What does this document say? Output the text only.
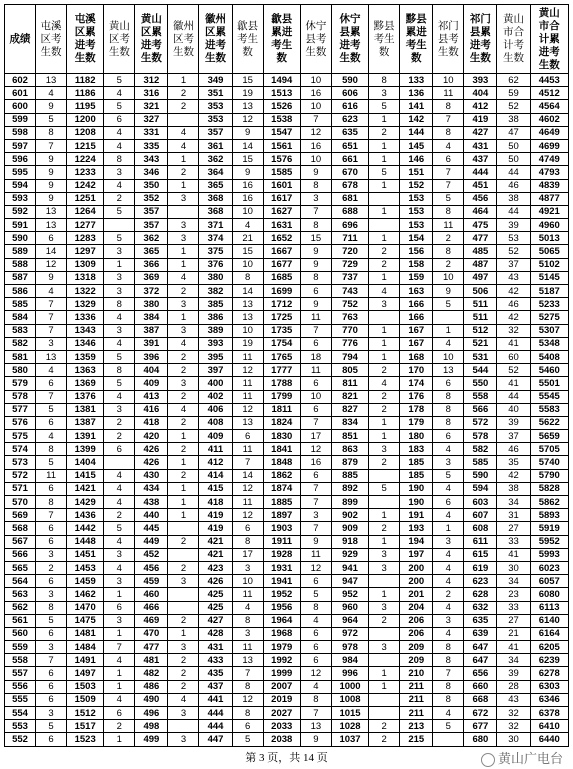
成绩	屯溪区考生数	屯溪区累进考生数	黄山区考生数	黄山区累进考生数	徽州区考生数	徽州区累进考生数	歙县考生数	歙县累进考生数	休宁县考生数	休宁县累进考生数	黟县考生数	黟县累进考生数	祁门县考生数	祁门县累进考生数	黄山市合计考生数	黄山市合计累进考生数
602	13	1182	5	312	1	349	15	1494	10	590	8	133	10	393	62	4453
601	4	1186	4	316	2	351	19	1513	16	606	3	136	11	404	59	4512
600	9	1195	5	321	2	353	13	1526	10	616	5	141	8	412	52	4564
599	5	1200	6	327		353	12	1538	7	623	1	142	7	419	38	4602
598	8	1208	4	331	4	357	9	1547	12	635	2	144	8	427	47	4649
597	7	1215	4	335	4	361	14	1561	16	651	1	145	4	431	50	4699
596	9	1224	8	343	1	362	15	1576	10	661	1	146	6	437	50	4749
595	9	1233	3	346	2	364	9	1585	9	670	5	151	7	444	44	4793
594	9	1242	4	350	1	365	16	1601	8	678	1	152	7	451	46	4839
593	9	1251	2	352	3	368	16	1617	3	681		153	5	456	38	4877
592	13	1264	5	357		368	10	1627	7	688	1	153	8	464	44	4921
591	13	1277		357	3	371	4	1631	8	696		153	11	475	39	4960
590	6	1283	5	362	3	374	21	1652	15	711	1	154	2	477	53	5013
589	14	1297	3	365	1	375	15	1667	9	720	2	156	8	485	52	5065
588	12	1309	1	366	1	376	10	1677	9	729	2	158	2	487	37	5102
587	9	1318	3	369	4	380	8	1685	8	737	1	159	10	497	43	5145
586	4	1322	3	372	2	382	14	1699	6	743	4	163	9	506	42	5187
585	7	1329	8	380	3	385	13	1712	9	752	3	166	5	511	46	5233
584	7	1336	4	384	1	386	13	1725	11	763		166		511	42	5275
583	7	1343	3	387	3	389	10	1735	7	770	1	167	1	512	32	5307
582	3	1346	4	391	4	393	19	1754	6	776	1	167	4	521	41	5348
581	13	1359	5	396	2	395	11	1765	18	794	1	168	10	531	60	5408
580	4	1363	8	404	2	397	12	1777	11	805	2	170	13	544	52	5460
579	6	1369	5	409	3	400	11	1788	6	811	4	174	6	550	41	5501
578	7	1376	4	413	2	402	11	1799	10	821	2	176	8	558	44	5545
577	5	1381	3	416	4	406	12	1811	6	827	2	178	8	566	40	5583
576	6	1387	2	418	2	408	13	1824	7	834	1	179	8	572	39	5622
575	4	1391	2	420	1	409	6	1830	17	851	1	180	6	578	37	5659
574	8	1399	6	426	2	411	11	1841	12	863	3	183	4	582	46	5705
573	5	1404		426	1	412	7	1848	16	879	2	185	3	585	35	5740
572	11	1415	4	430	2	414	14	1862	6	885		185	5	590	42	5790
571	6	1421	4	434	1	415	12	1874	7	892	5	190	4	594	38	5828
570	8	1429	4	438	1	418	11	1885	7	899		190	6	603	34	5862
569	7	1436	2	440	1	419	12	1897	3	902	1	191	4	607	31	5893
568	6	1442	5	445		419	6	1903	7	909	2	193	1	608	27	5919
567	6	1448	4	449	2	421	8	1911	9	918	1	194	3	611	33	5952
566	3	1451	3	452		421	17	1928	11	929	3	197	4	615	41	5993
565	2	1453	4	456	2	423	3	1931	12	941	3	200	4	619	30	6023
564	6	1459	3	459	3	426	10	1941	6	947		200	4	623	34	6057
563	3	1462	1	460		425	11	1952	5	952	1	201	2	628	23	6080
562	8	1470	6	466		425	4	1956	8	960	3	204	4	632	33	6113
561	5	1475	3	469	2	427	8	1964	4	964	2	206	3	635	27	6140
560	6	1481	1	470	1	428	3	1968	6	972		206	4	639	21	6164
559	3	1484	7	477	3	431	11	1979	6	978	3	209	8	647	41	6205
558	7	1491	4	481	2	433	13	1992	6	984		209	8	647	34	6239
557	6	1497	1	482	2	435	7	1999	12	996	1	210	7	656	39	6278
556	6	1503	1	486	2	437	8	2007	4	1000	1	211	8	660	28	6303
555	6	1509	4	490	4	441	12	2019	8	1008		211	8	668	43	6346
554	3	1512	6	496	3	444	8	2027	7	1015		211	4	672	32	6378
553	5	1517	2	498		444	6	2033	13	1028	2	213	5	677	32	6410
552	6	1523	1	499	3	447	5	2038	9	1037	2	215		680	30	6440
第 3 页，共 14 页	黄山广电台
